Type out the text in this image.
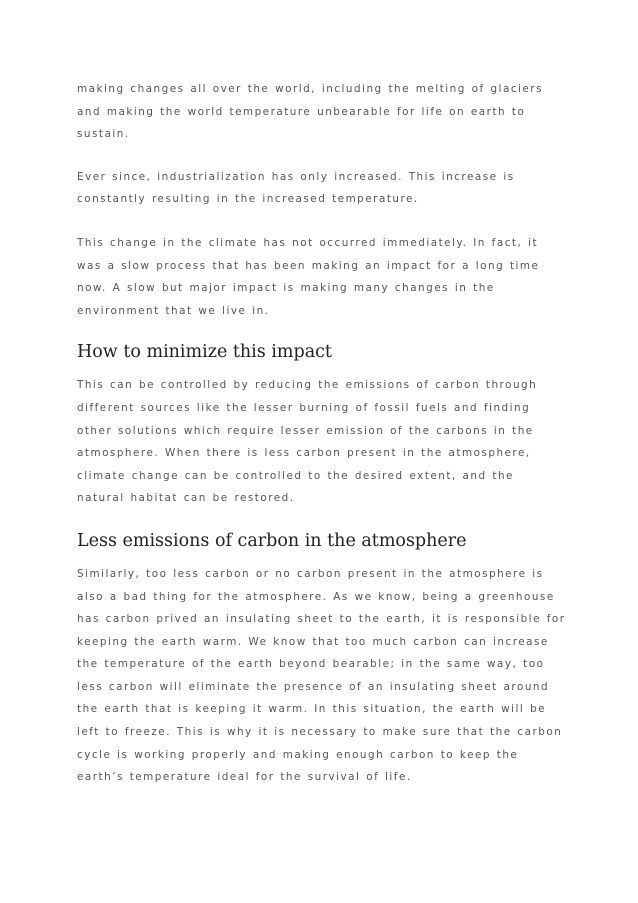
making changes all over the world, including the melting of glaciers and making the world temperature unbearable for life on earth to sustain.

Ever since, industrialization has only increased. This increase is constantly resulting in the increased temperature.

This change in the climate has not occurred immediately. In fact, it was a slow process that has been making an impact for a long time now. A slow but major impact is making many changes in the environment that we live in.

How to minimize this impact

This can be controlled by reducing the emissions of carbon through different sources like the lesser burning of fossil fuels and finding other solutions which require lesser emission of the carbons in the atmosphere. When there is less carbon present in the atmosphere, climate change can be controlled to the desired extent, and the natural habitat can be restored.

Less emissions of carbon in the atmosphere

Similarly, too less carbon or no carbon present in the atmosphere is also a bad thing for the atmosphere. As we know, being a greenhouse has carbon prived an insulating sheet to the earth, it is responsible for keeping the earth warm. We know that too much carbon can increase the temperature of the earth beyond bearable; in the same way, too less carbon will eliminate the presence of an insulating sheet around the earth that is keeping it warm. In this situation, the earth will be left to freeze. This is why it is necessary to make sure that the carbon cycle is working properly and making enough carbon to keep the earth’s temperature ideal for the survival of life.
